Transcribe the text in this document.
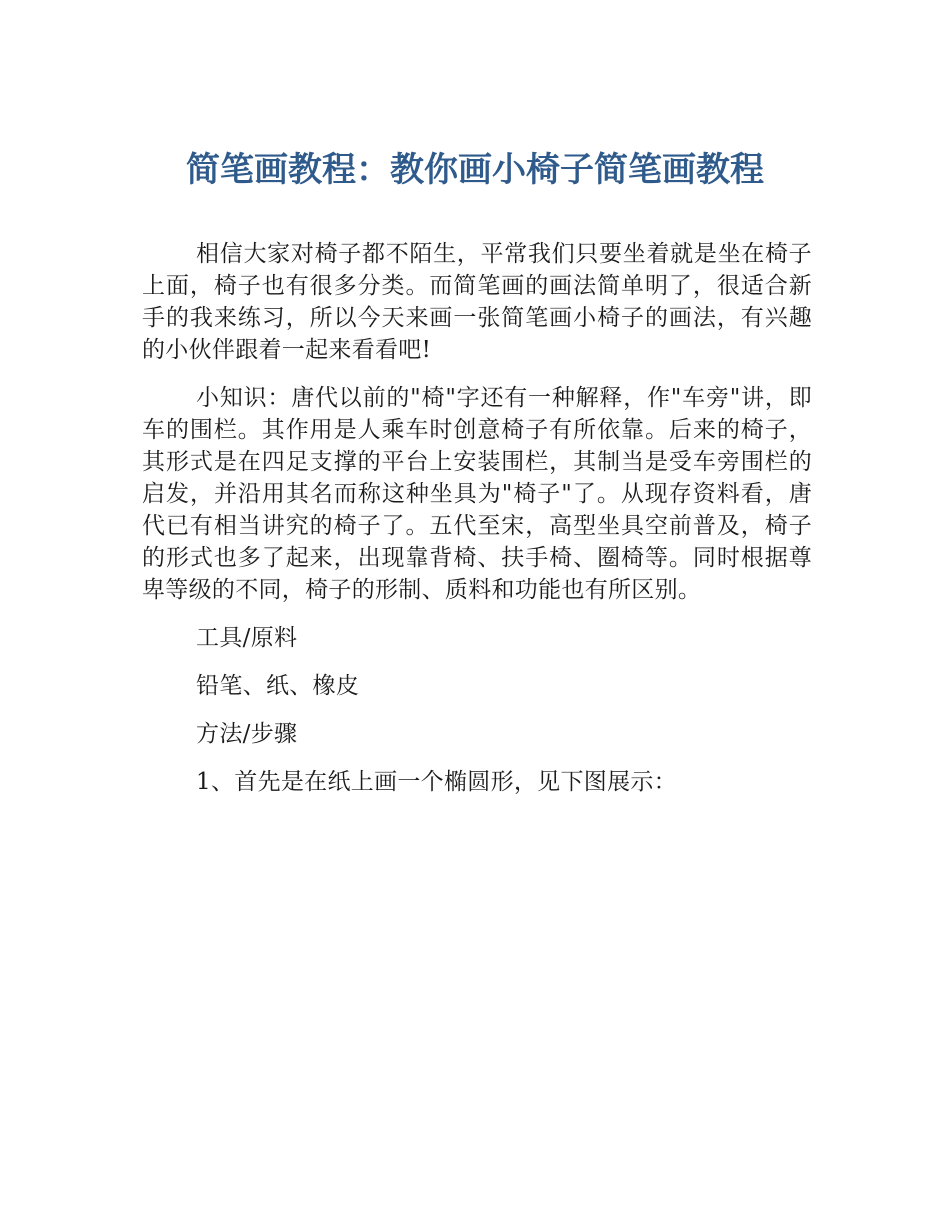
简笔画教程：教你画小椅子简笔画教程

相信大家对椅子都不陌生，平常我们只要坐着就是坐在椅子上面，椅子也有很多分类。而简笔画的画法简单明了，很适合新手的我来练习，所以今天来画一张简笔画小椅子的画法，有兴趣的小伙伴跟着一起来看看吧!

小知识：唐代以前的"椅"字还有一种解释，作"车旁"讲，即车的围栏。其作用是人乘车时创意椅子有所依靠。后来的椅子，其形式是在四足支撑的平台上安装围栏，其制当是受车旁围栏的启发，并沿用其名而称这种坐具为"椅子"了。从现存资料看，唐代已有相当讲究的椅子了。五代至宋，高型坐具空前普及，椅子的形式也多了起来，出现靠背椅、扶手椅、圈椅等。同时根据尊卑等级的不同，椅子的形制、质料和功能也有所区别。

工具/原料

铅笔、纸、橡皮

方法/步骤

1、首先是在纸上画一个椭圆形，见下图展示：
